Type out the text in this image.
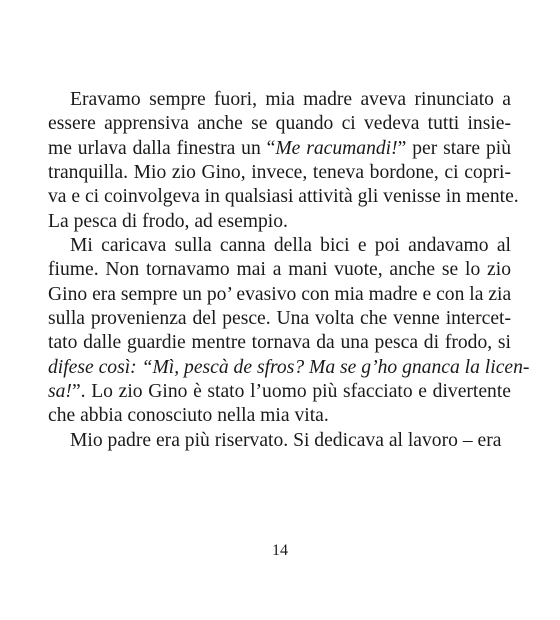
Eravamo sempre fuori, mia madre aveva rinunciato a
essere apprensiva anche se quando ci vedeva tutti insie-
me urlava dalla finestra un “Me racumandi!” per stare più
tranquilla. Mio zio Gino, invece, teneva bordone, ci copri-
va e ci coinvolgeva in qualsiasi attività gli venisse in mente.
La pesca di frodo, ad esempio.
Mi caricava sulla canna della bici e poi andavamo al
fiume. Non tornavamo mai a mani vuote, anche se lo zio
Gino era sempre un po’ evasivo con mia madre e con la zia
sulla provenienza del pesce. Una volta che venne intercet-
tato dalle guardie mentre tornava da una pesca di frodo, si
difese così: “Mì, pescà de sfros? Ma se g’ho gnanca la licen-
sa!”. Lo zio Gino è stato l’uomo più sfacciato e divertente
che abbia conosciuto nella mia vita.
Mio padre era più riservato. Si dedicava al lavoro – era
14
